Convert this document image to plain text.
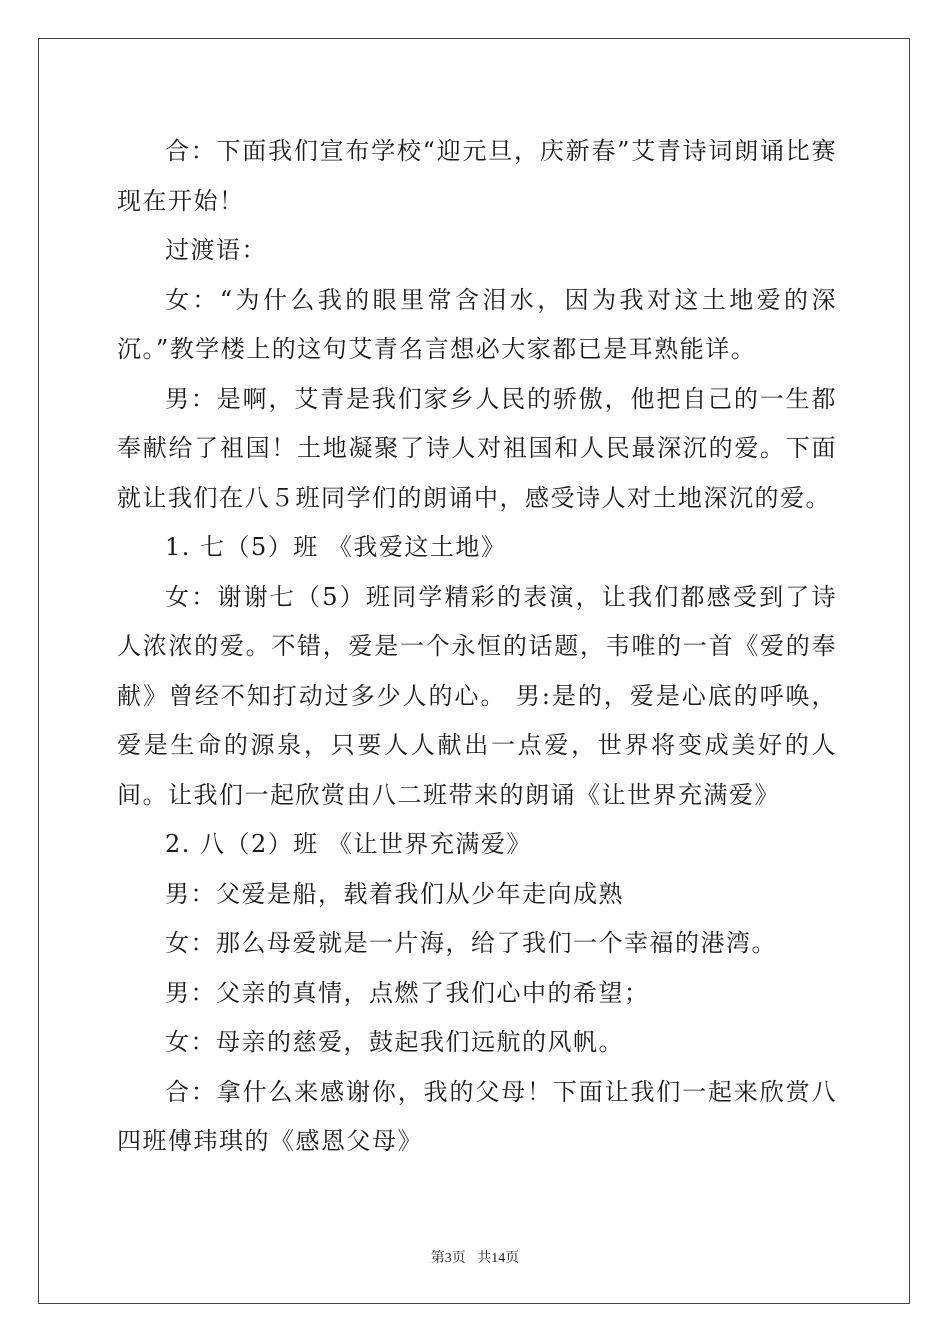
合：下面我们宣布学校“迎元旦，庆新春”艾青诗词朗诵比赛现在开始！

过渡语：

女：“为什么我的眼里常含泪水，因为我对这土地爱的深沉。”教学楼上的这句艾青名言想必大家都已是耳熟能详。

男：是啊，艾青是我们家乡人民的骄傲，他把自己的一生都奉献给了祖国！土地凝聚了诗人对祖国和人民最深沉的爱。下面就让我们在八５班同学们的朗诵中，感受诗人对土地深沉的爱。

1. 七（5）班 《我爱这土地》

女：谢谢七（5）班同学精彩的表演，让我们都感受到了诗人浓浓的爱。不错，爱是一个永恒的话题，韦唯的一首《爱的奉献》曾经不知打动过多少人的心。 男:是的，爱是心底的呼唤，爱是生命的源泉，只要人人献出一点爱，世界将变成美好的人间。让我们一起欣赏由八二班带来的朗诵《让世界充满爱》

2. 八（2）班 《让世界充满爱》

男：父爱是船，载着我们从少年走向成熟

女：那么母爱就是一片海，给了我们一个幸福的港湾。

男：父亲的真情，点燃了我们心中的希望；

女：母亲的慈爱，鼓起我们远航的风帆。

合：拿什么来感谢你，我的父母！下面让我们一起来欣赏八四班傅玮琪的《感恩父母》

第3页 共14页
